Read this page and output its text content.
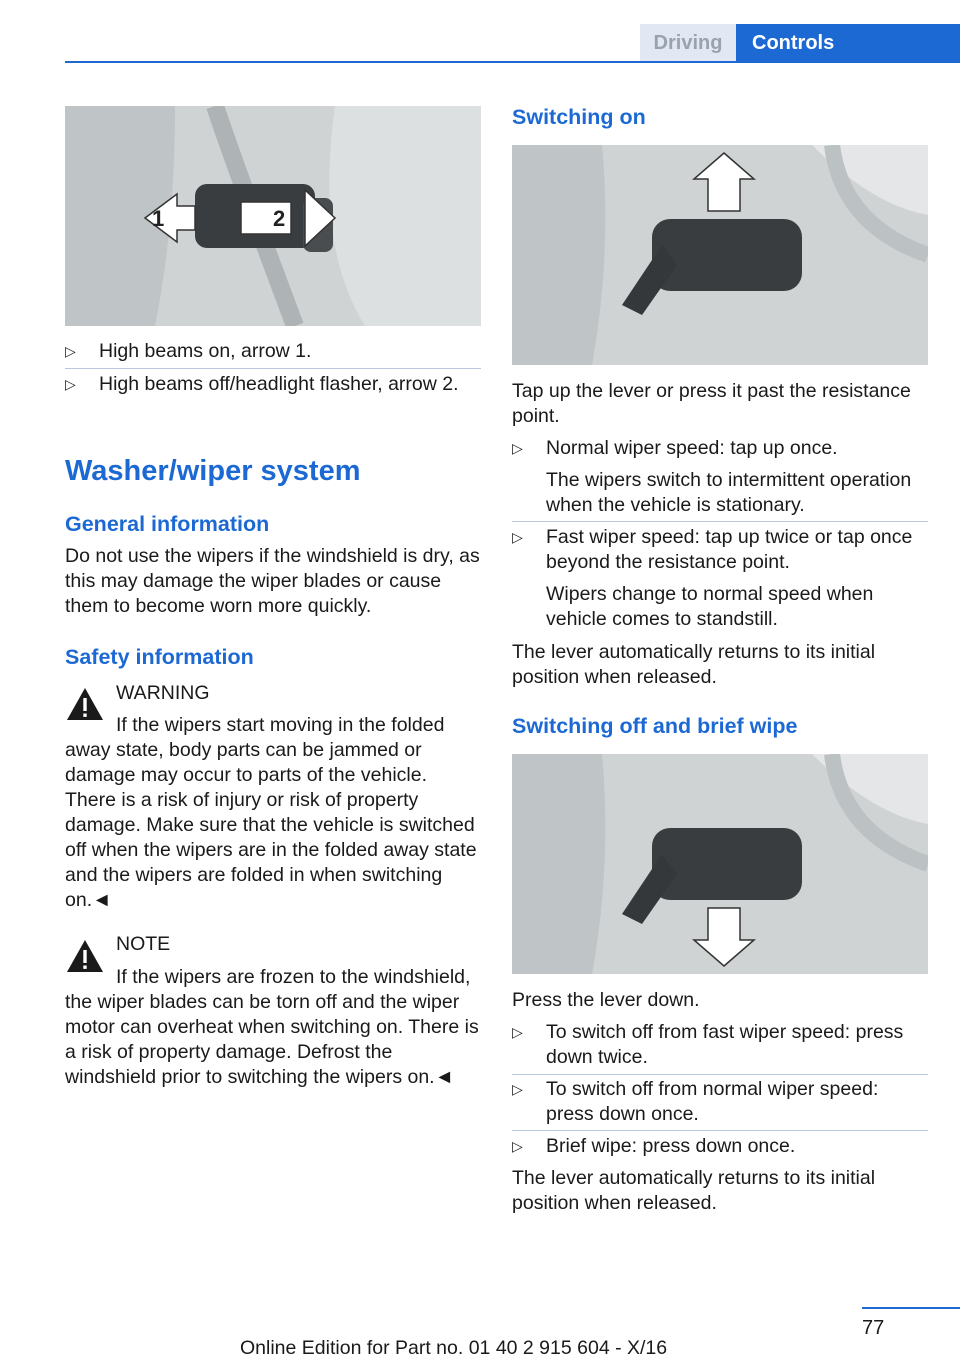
Driving Controls
1	2
▷	High beams on, arrow 1.
▷	High beams off/headlight flasher, arrow 2.
Washer/wiper system
General information
Do not use the wipers if the windshield is dry, as this may damage the wiper blades or cause them to become worn more quickly.
Safety information
WARNING
If the wipers start moving in the folded away state, body parts can be jammed or damage may occur to parts of the vehicle. There is a risk of injury or risk of property damage. Make sure that the vehicle is switched off when the wipers are in the folded away state and the wipers are folded in when switching on.◄
NOTE
If the wipers are frozen to the windshield, the wiper blades can be torn off and the wiper motor can overheat when switching on. There is a risk of property damage. Defrost the windshield prior to switching the wipers on.◄
Switching on
Tap up the lever or press it past the resistance point.
▷	Normal wiper speed: tap up once.
The wipers switch to intermittent operation when the vehicle is stationary.
▷	Fast wiper speed: tap up twice or tap once beyond the resistance point.
Wipers change to normal speed when vehicle comes to standstill.
The lever automatically returns to its initial position when released.
Switching off and brief wipe
Press the lever down.
▷	To switch off from fast wiper speed: press down twice.
▷	To switch off from normal wiper speed: press down once.
▷	Brief wipe: press down once.
The lever automatically returns to its initial position when released.
77
Online Edition for Part no. 01 40 2 915 604 - X/16
